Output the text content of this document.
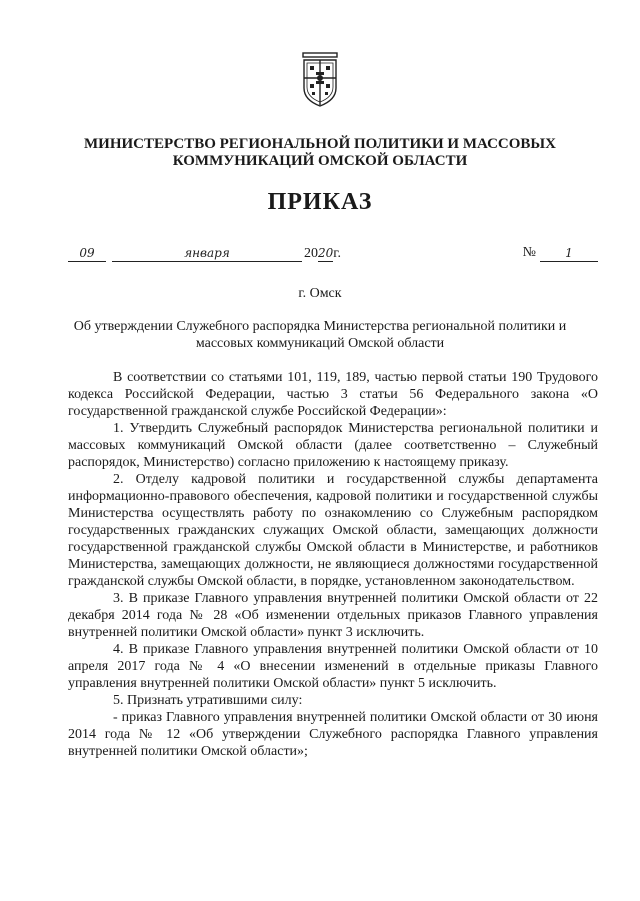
МИНИСТЕРСТВО РЕГИОНАЛЬНОЙ ПОЛИТИКИ И МАССОВЫХ
КОММУНИКАЦИЙ ОМСКОЙ ОБЛАСТИ
ПРИКАЗ
09	января	2020г.	№	1
г. Омск
Об утверждении Служебного распорядка Министерства региональной политики и
массовых коммуникаций Омской области

В соответствии со статьями 101, 119, 189, частью первой статьи 190 Трудового кодекса Российской Федерации, частью 3 статьи 56 Федерального закона «О государственной гражданской службе Российской Федерации»:

1. Утвердить Служебный распорядок Министерства региональной политики и массовых коммуникаций Омской области (далее соответственно – Служебный распорядок, Министерство) согласно приложению к настоящему приказу.

2. Отделу кадровой политики и государственной службы департамента информационно-правового обеспечения, кадровой политики и государственной службы Министерства осуществлять работу по ознакомлению со Служебным распорядком государственных гражданских служащих Омской области, замещающих должности государственной гражданской службы Омской области в Министерстве, и работников Министерства, замещающих должности, не являющиеся должностями государственной гражданской службы Омской области, в порядке, установленном законодательством.

3. В приказе Главного управления внутренней политики Омской области от 22 декабря 2014 года № 28 «Об изменении отдельных приказов Главного управления внутренней политики Омской области» пункт 3 исключить.

4. В приказе Главного управления внутренней политики Омской области от 10 апреля 2017 года № 4 «О внесении изменений в отдельные приказы Главного управления внутренней политики Омской области» пункт 5 исключить.

5. Признать утратившими силу:

- приказ Главного управления внутренней политики Омской области от 30 июня 2014 года № 12 «Об утверждении Служебного распорядка Главного управления внутренней политики Омской области»;
